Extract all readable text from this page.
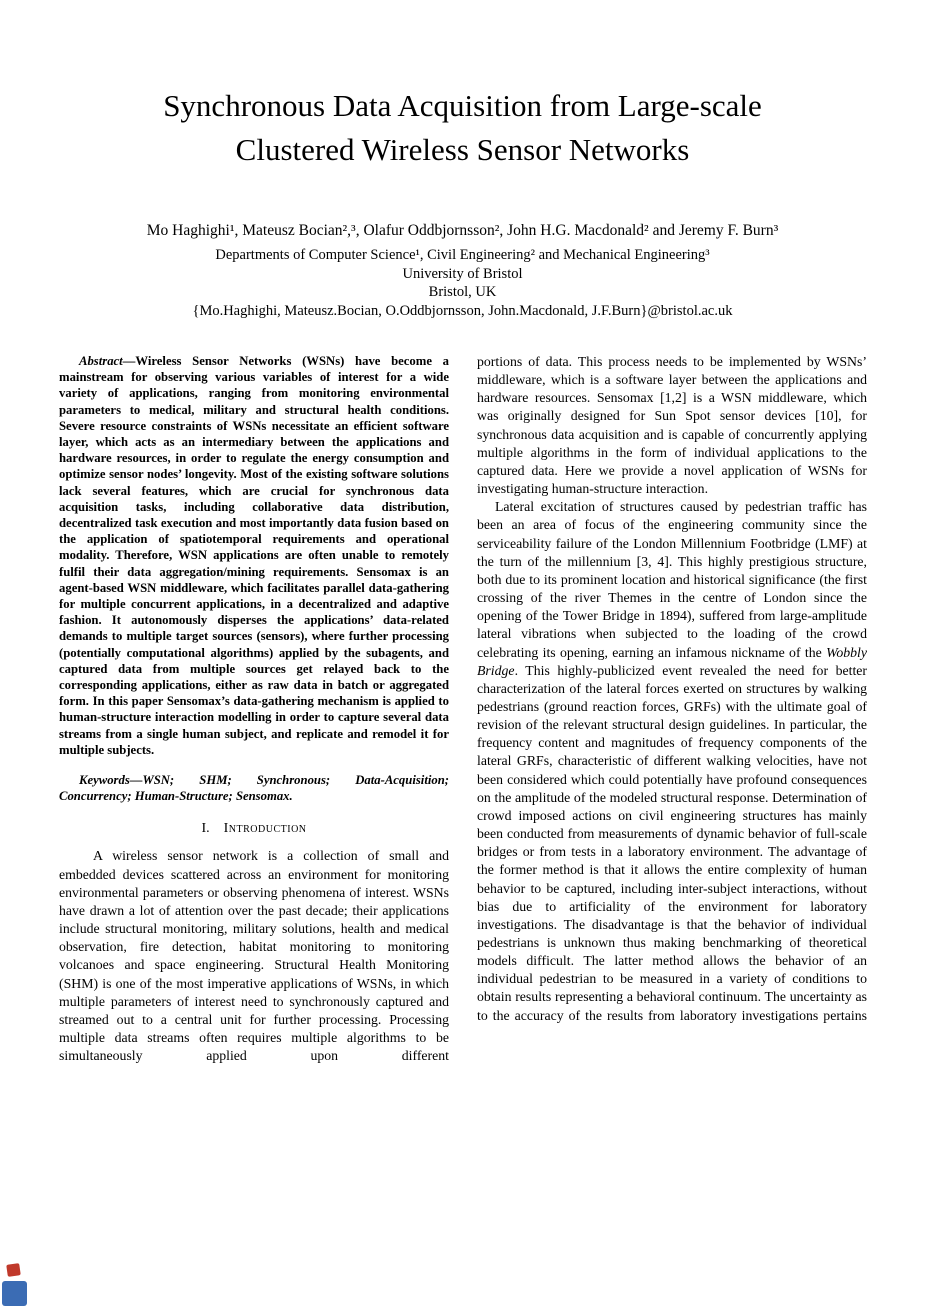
Synchronous Data Acquisition from Large-scale
Clustered Wireless Sensor Networks
Mo Haghighi¹, Mateusz Bocian²,³, Olafur Oddbjornsson², John H.G. Macdonald² and Jeremy F. Burn³
Departments of Computer Science¹, Civil Engineering² and Mechanical Engineering³
University of Bristol
Bristol, UK
{Mo.Haghighi, Mateusz.Bocian, O.Oddbjornsson, John.Macdonald, J.F.Burn}@bristol.ac.uk

Abstract—Wireless Sensor Networks (WSNs) have become a mainstream for observing various variables of interest for a wide variety of applications, ranging from monitoring environmental parameters to medical, military and structural health conditions. Severe resource constraints of WSNs necessitate an efficient software layer, which acts as an intermediary between the applications and hardware resources, in order to regulate the energy consumption and optimize sensor nodes’ longevity. Most of the existing software solutions lack several features, which are crucial for synchronous data acquisition tasks, including collaborative data distribution, decentralized task execution and most importantly data fusion based on the application of spatiotemporal requirements and operational modality. Therefore, WSN applications are often unable to remotely fulfil their data aggregation/mining requirements. Sensomax is an agent-based WSN middleware, which facilitates parallel data-gathering for multiple concurrent applications, in a decentralized and adaptive fashion. It autonomously disperses the applications’ data-related demands to multiple target sources (sensors), where further processing (potentially computational algorithms) applied by the subagents, and captured data from multiple sources get relayed back to the corresponding applications, either as raw data in batch or aggregated form. In this paper Sensomax’s data-gathering mechanism is applied to human-structure interaction modelling in order to capture several data streams from a single human subject, and replicate and remodel it for multiple subjects.

Keywords—WSN; SHM; Synchronous; Data-Acquisition; Concurrency; Human-Structure; Sensomax.

I. Introduction

A wireless sensor network is a collection of small and embedded devices scattered across an environment for monitoring environmental parameters or observing phenomena of interest. WSNs have drawn a lot of attention over the past decade; their applications include structural monitoring, military solutions, health and medical observation, fire detection, habitat monitoring to monitoring volcanoes and space engineering. Structural Health Monitoring (SHM) is one of the most imperative applications of WSNs, in which multiple parameters of interest need to synchronously captured and streamed out to a central unit for further processing. Processing multiple data streams often requires multiple algorithms to be simultaneously applied upon different

portions of data. This process needs to be implemented by WSNs’ middleware, which is a software layer between the applications and hardware resources. Sensomax [1,2] is a WSN middleware, which was originally designed for Sun Spot sensor devices [10], for synchronous data acquisition and is capable of concurrently applying multiple algorithms in the form of individual applications to the captured data. Here we provide a novel application of WSNs for investigating human-structure interaction.

Lateral excitation of structures caused by pedestrian traffic has been an area of focus of the engineering community since the serviceability failure of the London Millennium Footbridge (LMF) at the turn of the millennium [3, 4]. This highly prestigious structure, both due to its prominent location and historical significance (the first crossing of the river Themes in the centre of London since the opening of the Tower Bridge in 1894), suffered from large-amplitude lateral vibrations when subjected to the loading of the crowd celebrating its opening, earning an infamous nickname of the Wobbly Bridge. This highly-publicized event revealed the need for better characterization of the lateral forces exerted on structures by walking pedestrians (ground reaction forces, GRFs) with the ultimate goal of revision of the relevant structural design guidelines. In particular, the frequency content and magnitudes of frequency components of the lateral GRFs, characteristic of different walking velocities, have not been considered which could potentially have profound consequences on the amplitude of the modeled structural response. Determination of crowd imposed actions on civil engineering structures has mainly been conducted from measurements of dynamic behavior of full-scale bridges or from tests in a laboratory environment. The advantage of the former method is that it allows the entire complexity of human behavior to be captured, including inter-subject interactions, without bias due to artificiality of the environment for laboratory investigations. The disadvantage is that the behavior of individual pedestrians is unknown thus making benchmarking of theoretical models difficult. The latter method allows the behavior of an individual pedestrian to be measured in a variety of conditions to obtain results representing a behavioral continuum. The uncertainty as to the accuracy of the results from laboratory investigations pertains
